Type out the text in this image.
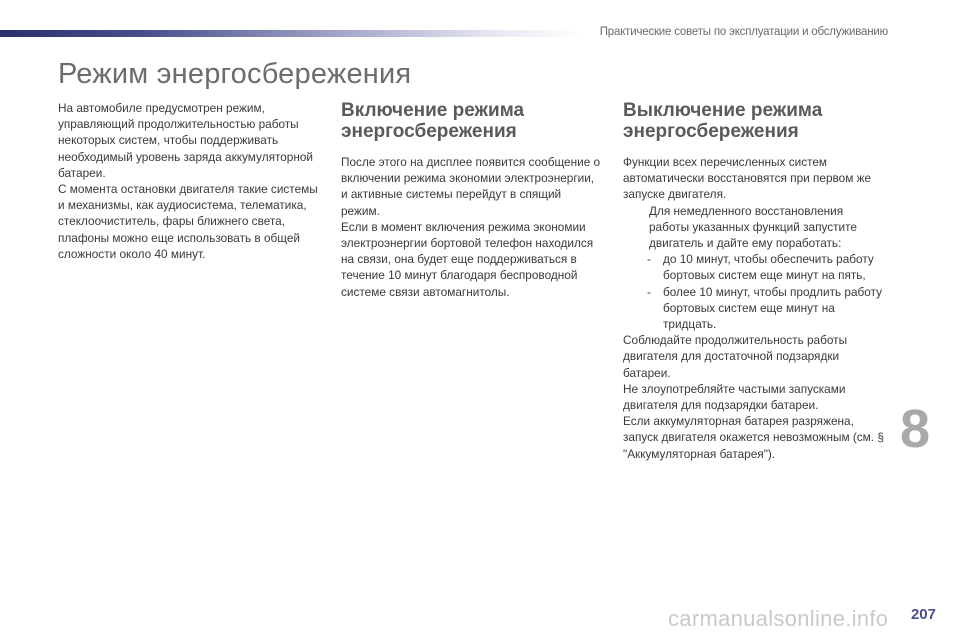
Практические советы по эксплуатации и обслуживанию
Режим энергосбережения

На автомобиле предусмотрен режим, управляющий продолжительностью работы некоторых систем, чтобы поддерживать необходимый уровень заряда аккумуляторной батареи.

С момента остановки двигателя такие системы и механизмы, как аудиосистема, телематика, стеклоочиститель, фары ближнего света, плафоны можно еще использовать в общей сложности около 40 минут.

Включение режима энергосбережения

После этого на дисплее появится сообщение о включении режима экономии электроэнергии, и активные системы перейдут в спящий режим.

Если в момент включения режима экономии электроэнергии бортовой телефон находился на связи, она будет еще поддерживаться в течение 10 минут благодаря беспроводной системе связи автомагнитолы.

Выключение режима энергосбережения

Функции всех перечисленных систем автоматически восстановятся при первом же запуске двигателя.

Для немедленного восстановления работы указанных функций запустите двигатель и дайте ему поработать:
- до 10 минут, чтобы обеспечить работу бортовых систем еще минут на пять,
- более 10 минут, чтобы продлить работу бортовых систем еще минут на тридцать.

Соблюдайте продолжительность работы двигателя для достаточной подзарядки батареи.

Не злоупотребляйте частыми запусками двигателя для подзарядки батареи.

Если аккумуляторная батарея разряжена, запуск двигателя окажется невозможным (см. § "Аккумуляторная батарея").	8
carmanualsonline.info 207
